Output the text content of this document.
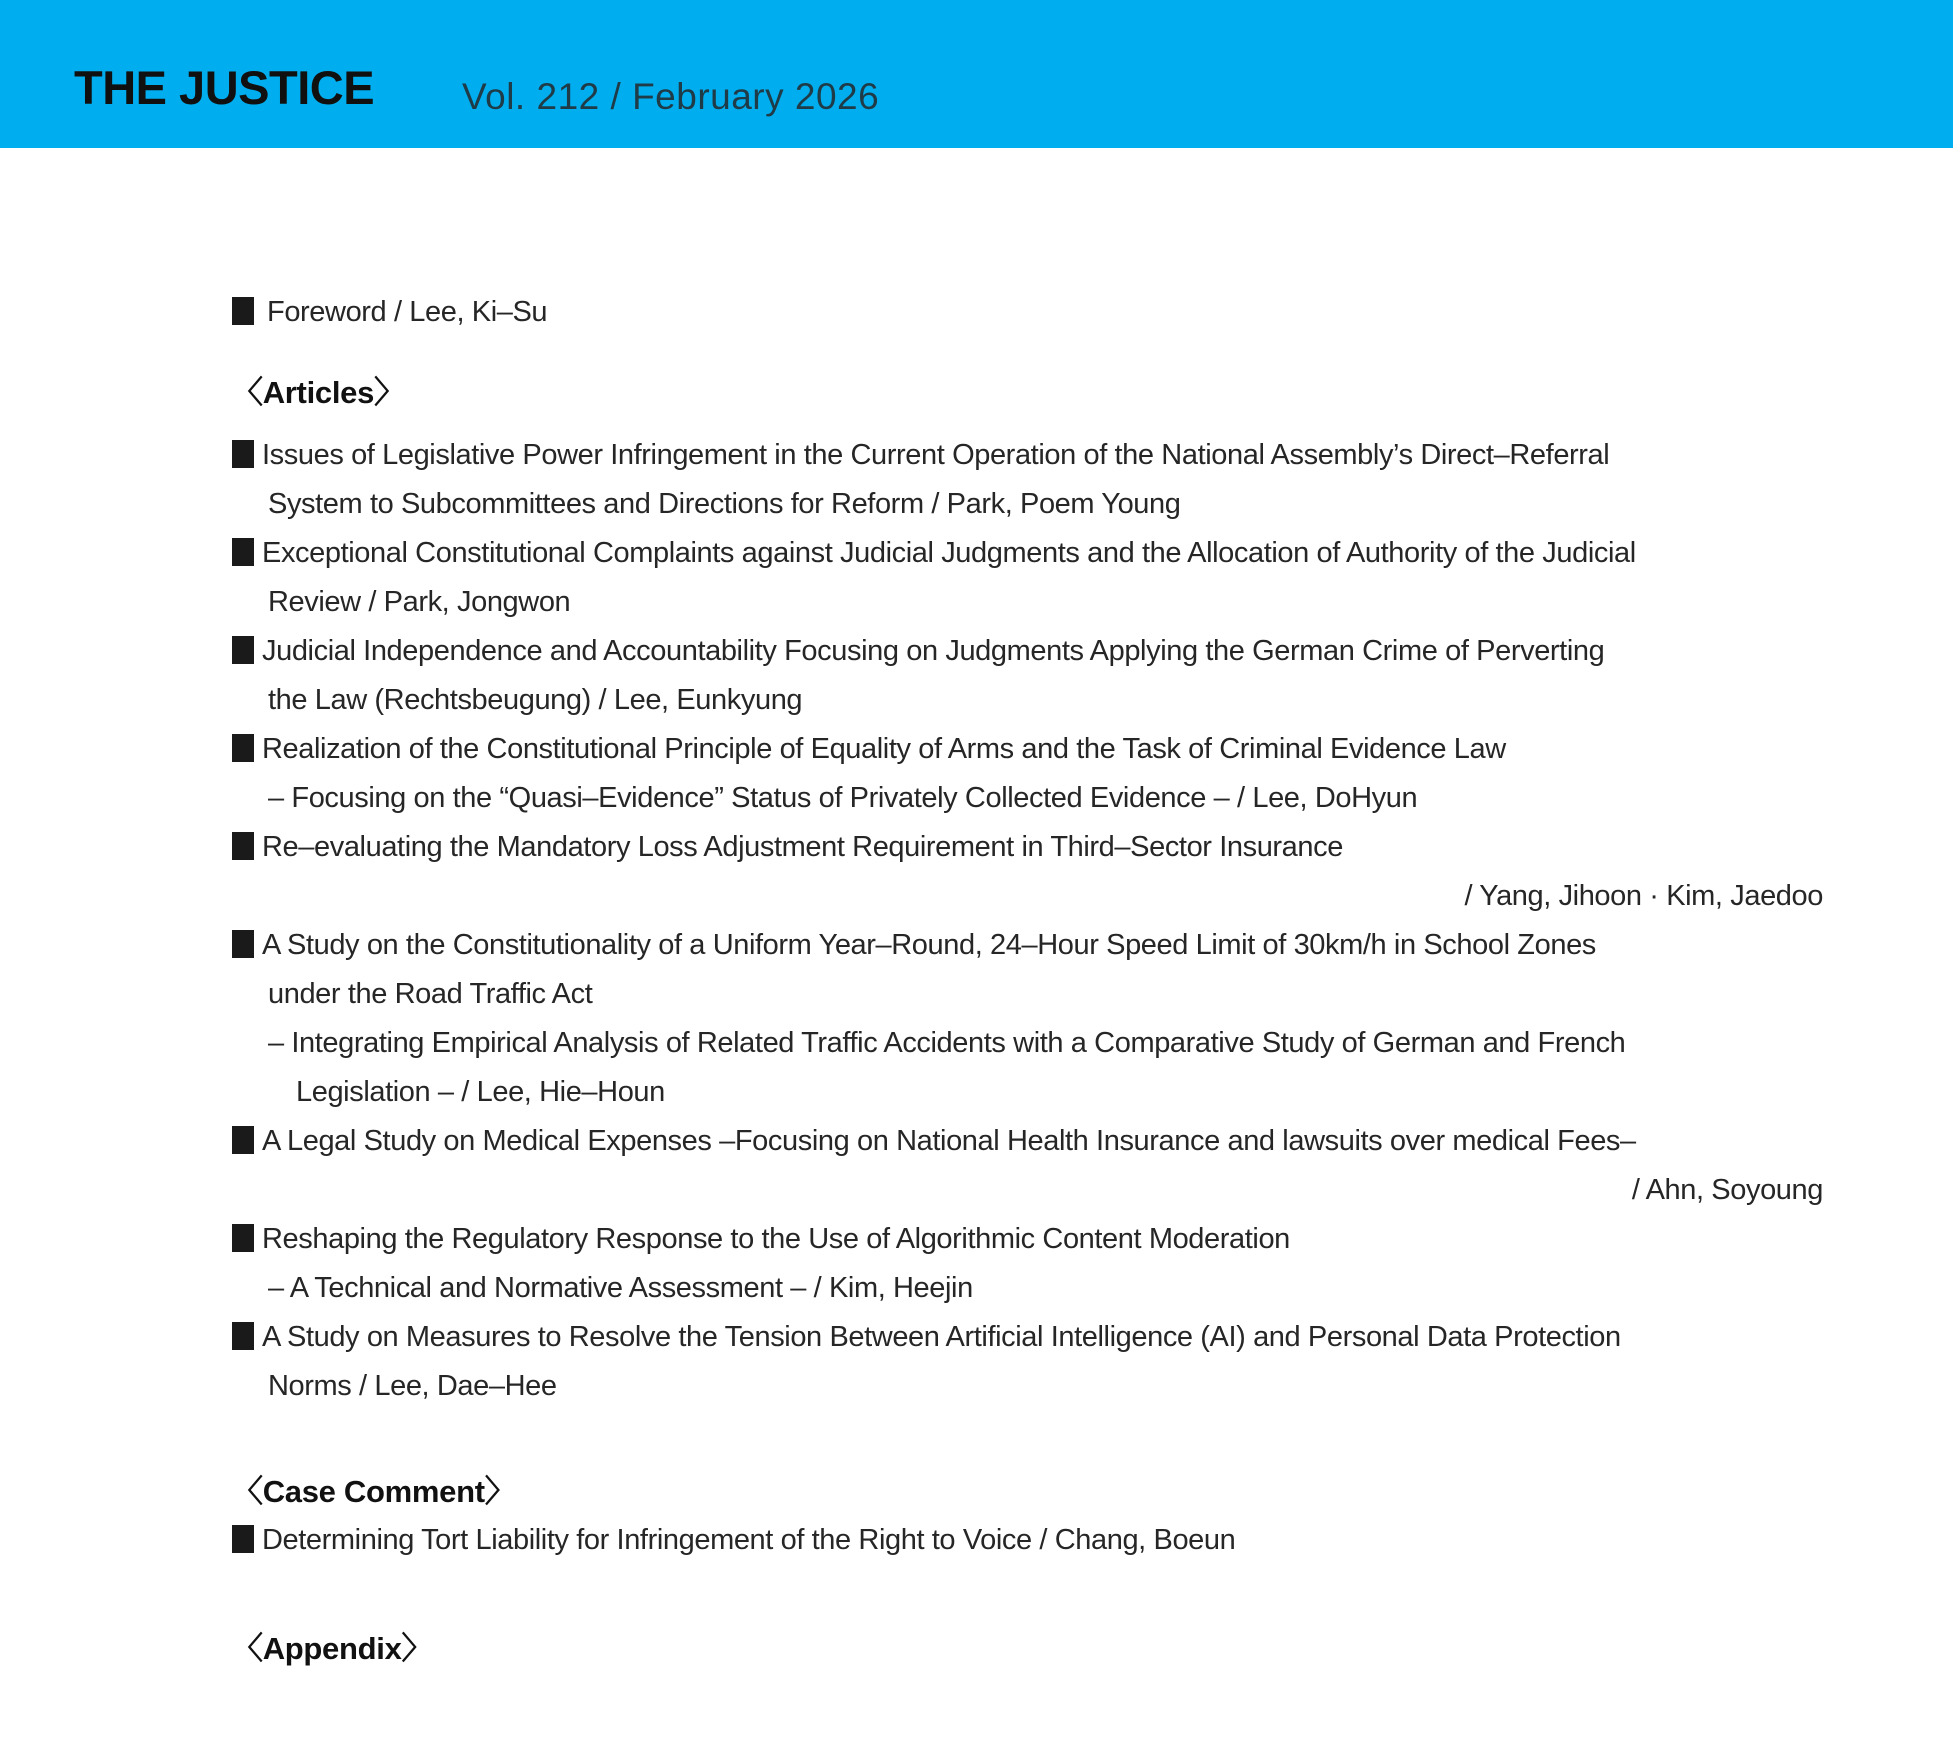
THE JUSTICE Vol. 212 / February 2026
Foreword / Lee, Ki–Su
〈Articles〉
Issues of Legislative Power Infringement in the Current Operation of the National Assembly’s Direct–Referral
System to Subcommittees and Directions for Reform / Park, Poem Young
Exceptional Constitutional Complaints against Judicial Judgments and the Allocation of Authority of the Judicial
Review / Park, Jongwon
Judicial Independence and Accountability Focusing on Judgments Applying the German Crime of Perverting
the Law (Rechtsbeugung) / Lee, Eunkyung
Realization of the Constitutional Principle of Equality of Arms and the Task of Criminal Evidence Law
– Focusing on the “Quasi–Evidence” Status of Privately Collected Evidence – / Lee, DoHyun
Re–evaluating the Mandatory Loss Adjustment Requirement in Third–Sector Insurance
/ Yang, Jihoon · Kim, Jaedoo
A Study on the Constitutionality of a Uniform Year–Round, 24–Hour Speed Limit of 30km/h in School Zones
under the Road Traffic Act
– Integrating Empirical Analysis of Related Traffic Accidents with a Comparative Study of German and French
Legislation – / Lee, Hie–Houn
A Legal Study on Medical Expenses –Focusing on National Health Insurance and lawsuits over medical Fees–
/ Ahn, Soyoung
Reshaping the Regulatory Response to the Use of Algorithmic Content Moderation
– A Technical and Normative Assessment – / Kim, Heejin
A Study on Measures to Resolve the Tension Between Artificial Intelligence (AI) and Personal Data Protection
Norms / Lee, Dae–Hee
〈Case Comment〉
Determining Tort Liability for Infringement of the Right to Voice / Chang, Boeun
〈Appendix〉
